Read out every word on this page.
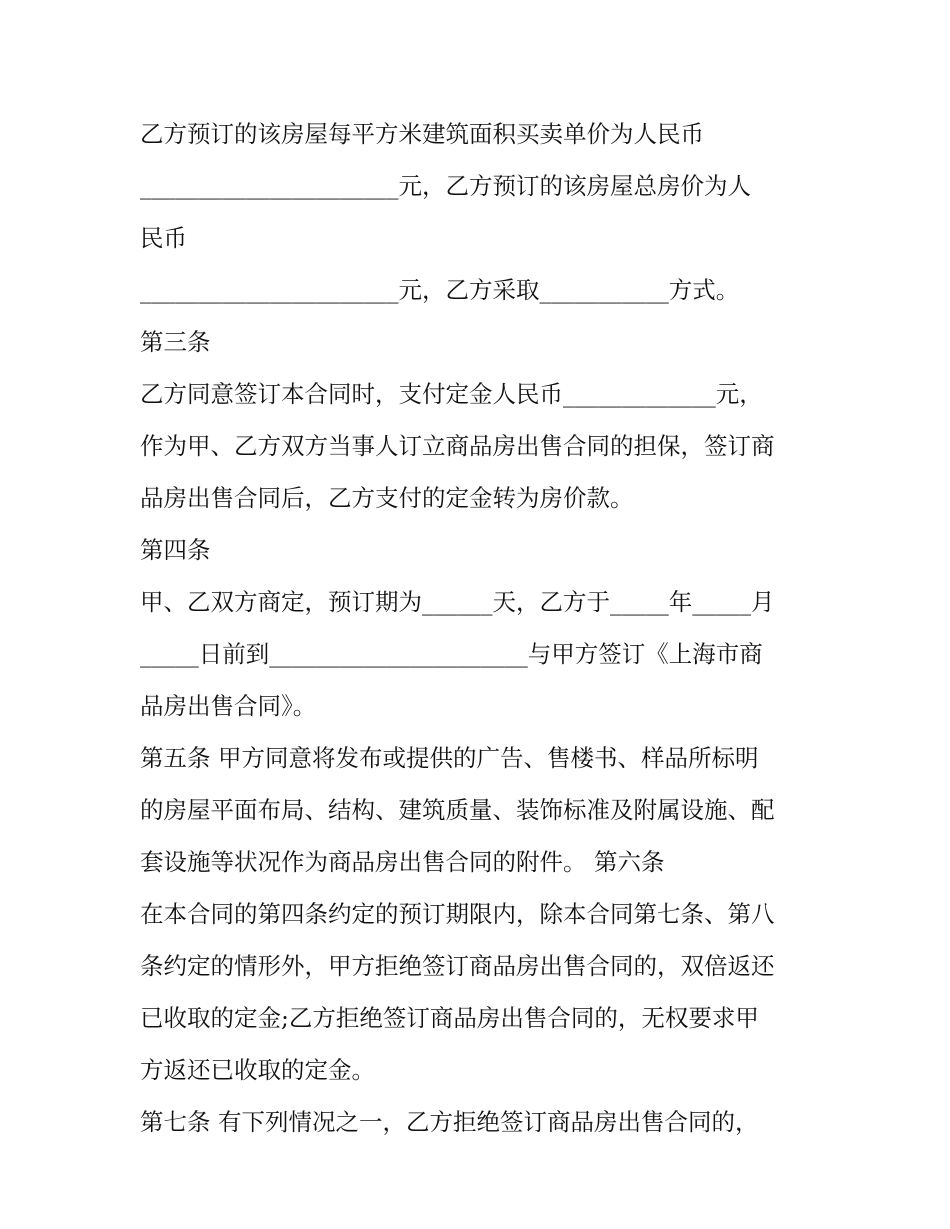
乙方预订的该房屋每平方米建筑面积买卖单价为人民币
______________________元，乙方预订的该房屋总房价为人
民币
______________________元，乙方采取___________方式。
第三条
乙方同意签订本合同时，支付定金人民币_____________元，
作为甲、乙方双方当事人订立商品房出售合同的担保，签订商
品房出售合同后，乙方支付的定金转为房价款。
第四条
甲、乙双方商定，预订期为______天，乙方于_____年_____月
_____日前到______________________与甲方签订《上海市商
品房出售合同》。
第五条 甲方同意将发布或提供的广告、售楼书、样品所标明
的房屋平面布局、结构、建筑质量、装饰标准及附属设施、配
套设施等状况作为商品房出售合同的附件。 第六条
在本合同的第四条约定的预订期限内，除本合同第七条、第八
条约定的情形外，甲方拒绝签订商品房出售合同的，双倍返还
已收取的定金;乙方拒绝签订商品房出售合同的，无权要求甲
方返还已收取的定金。
第七条 有下列情况之一，乙方拒绝签订商品房出售合同的，
